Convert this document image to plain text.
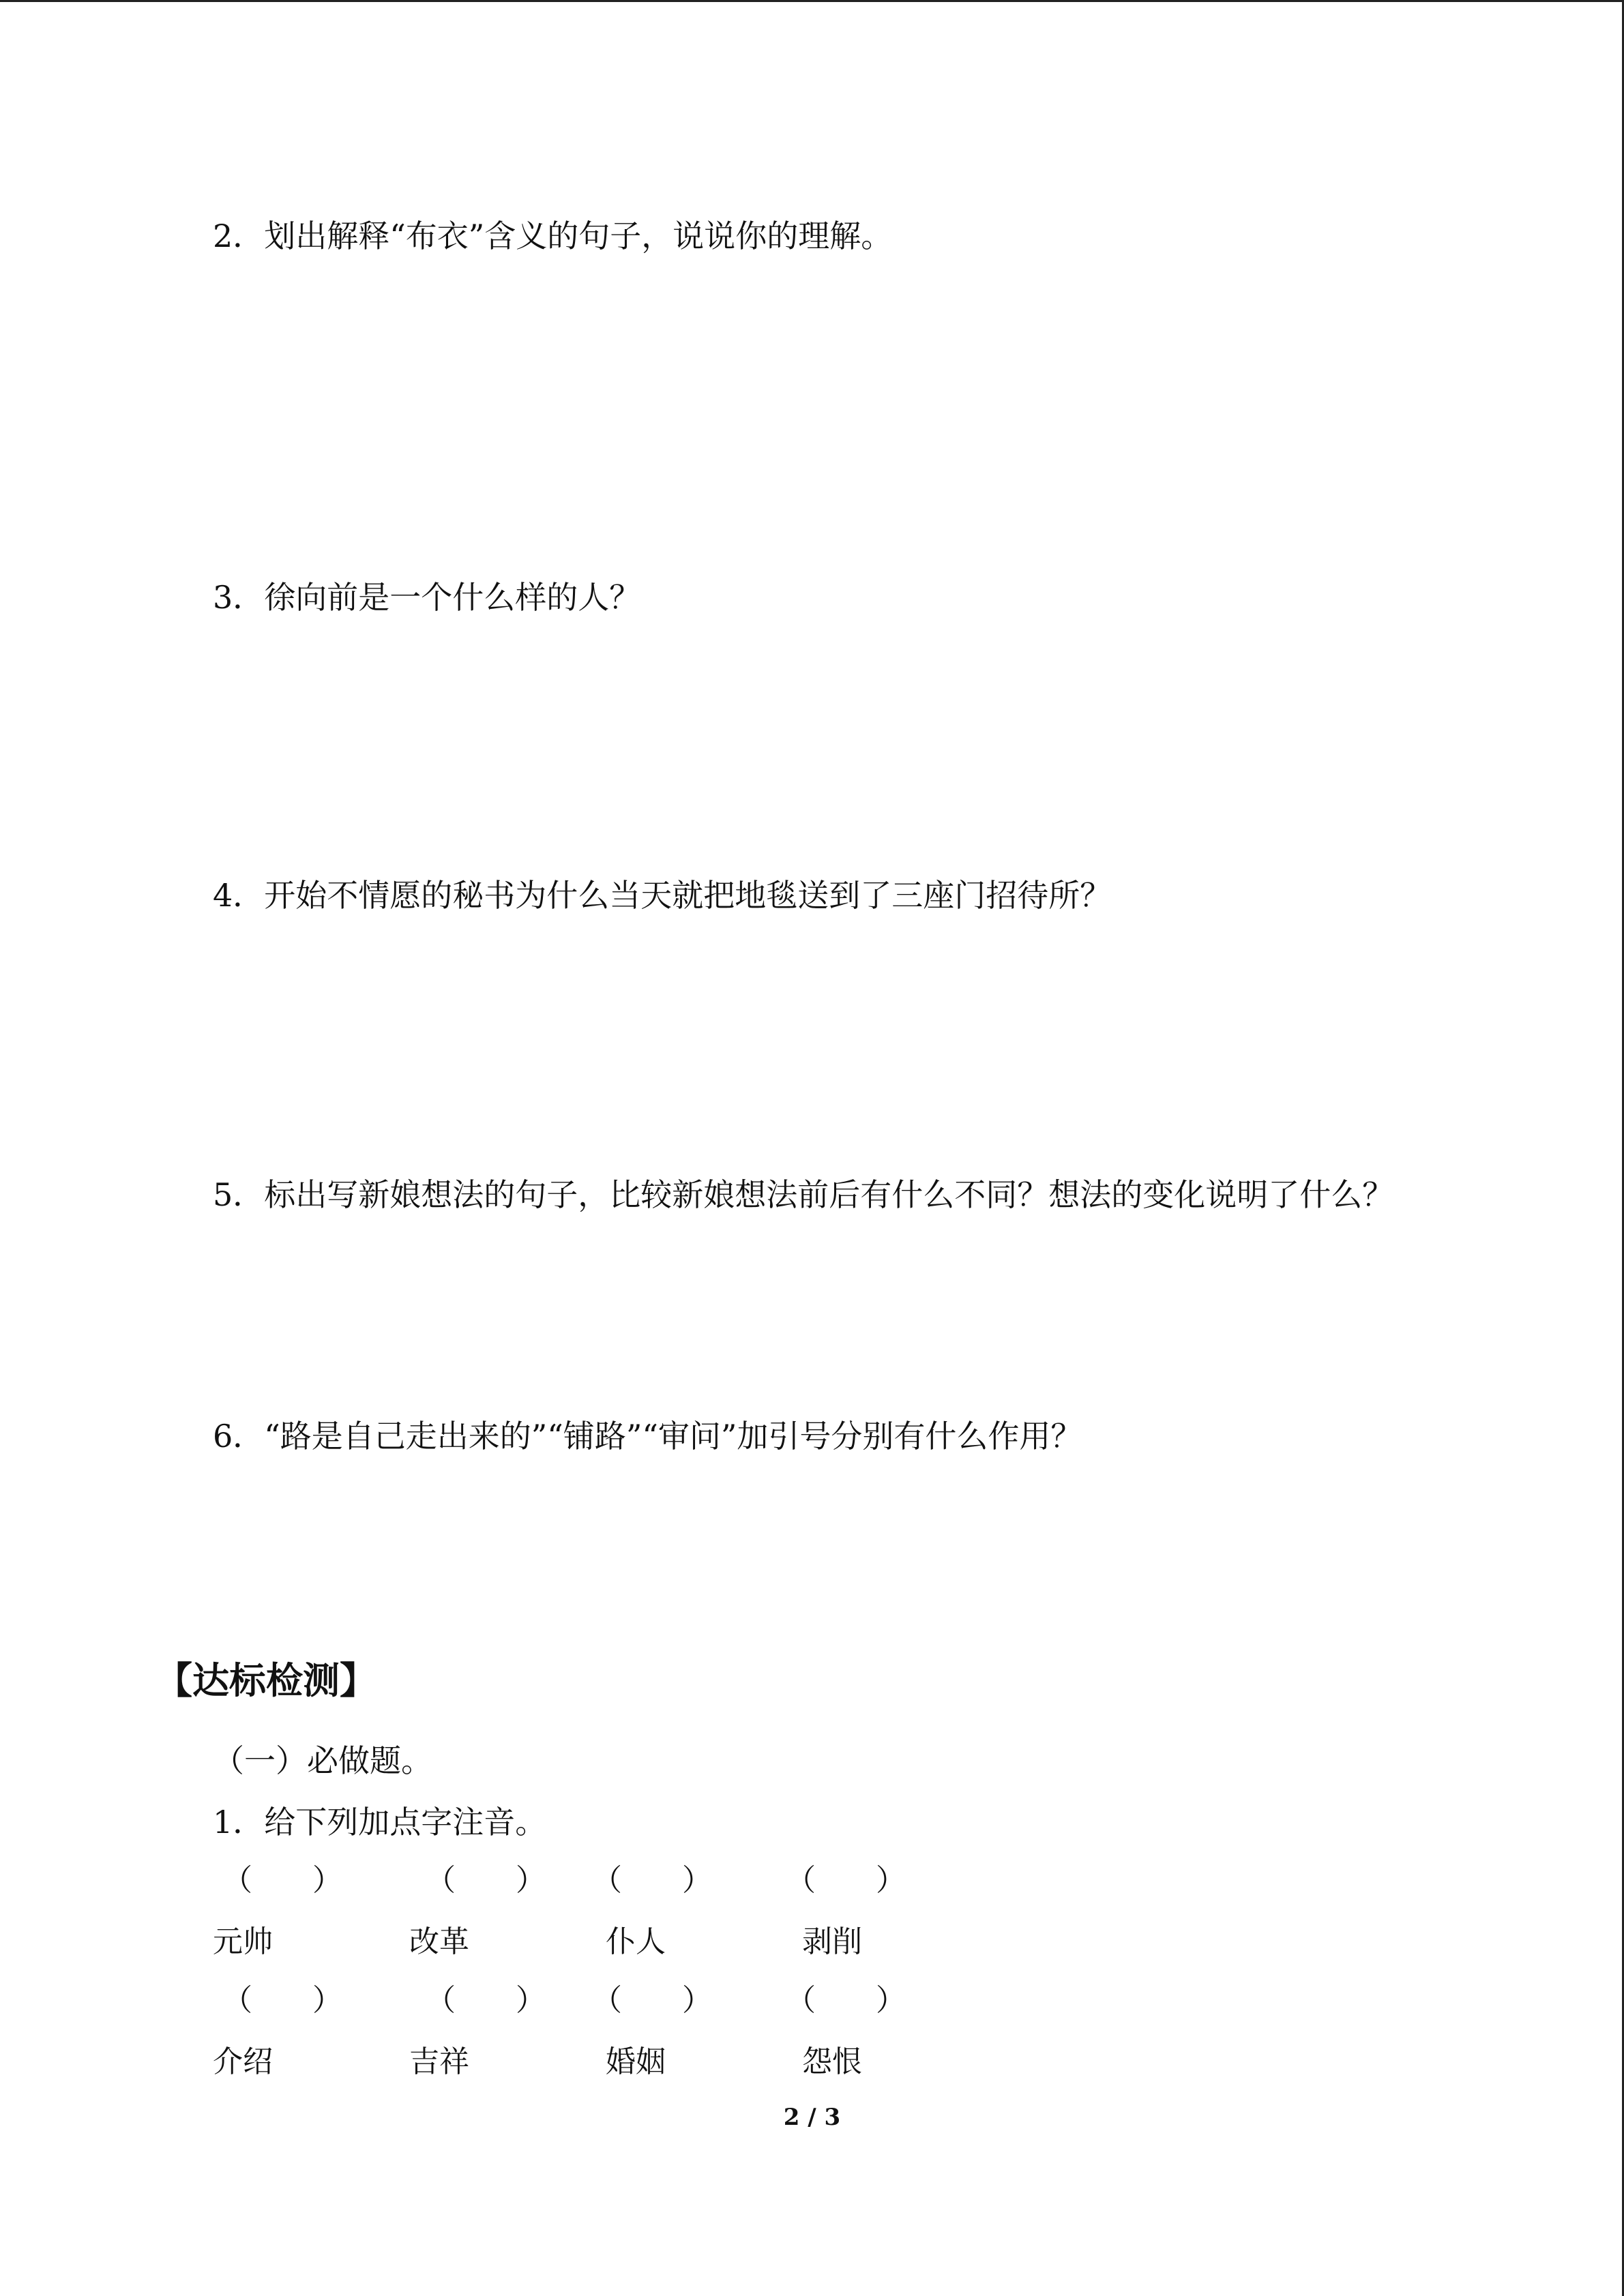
2．划出解释“布衣”含义的句子，说说你的理解。
3．徐向前是一个什么样的人？
4．开始不情愿的秘书为什么当天就把地毯送到了三座门招待所？
5．标出写新娘想法的句子，比较新娘想法前后有什么不同？想法的变化说明了什么？
6．“路是自己走出来的”“铺路”“审问”加引号分别有什么作用？
【达标检测】
（一）必做题。
1．给下列加点字注音。
（　　）	（　　） （　　） （　　）
元帅	改革	仆人	剥削
（　　）	（　　） （　　） （　　）
介绍	吉祥	婚姻	怨恨
2 / 3
